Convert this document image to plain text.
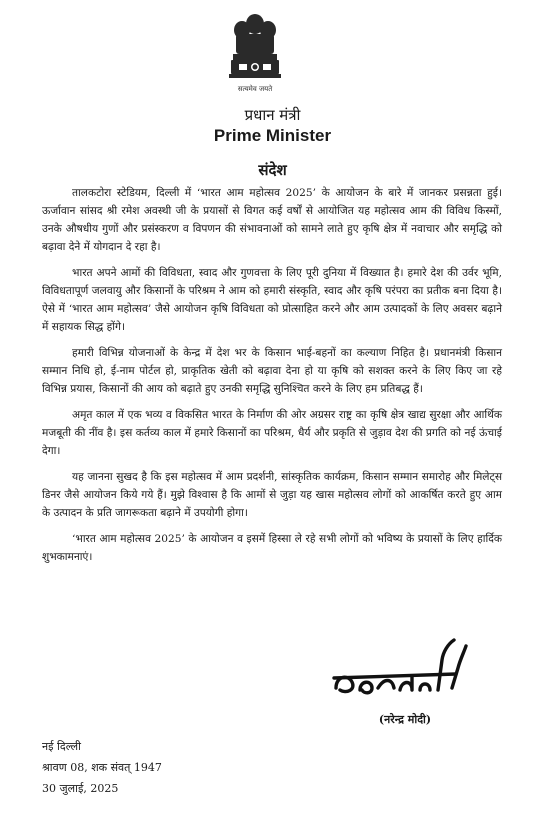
सत्यमेव जयते
प्रधान मंत्री
Prime Minister
संदेश

तालकटोरा स्टेडियम, दिल्ली में ‘भारत आम महोत्सव 2025’ के आयोजन के बारे में जानकर प्रसन्नता हुई। ऊर्जावान सांसद श्री रमेश अवस्थी जी के प्रयासों से विगत कई वर्षों से आयोजित यह महोत्सव आम की विविध किस्मों, उनके औषधीय गुणों और प्रसंस्करण व विपणन की संभावनाओं को सामने लाते हुए कृषि क्षेत्र में नवाचार और समृद्धि को बढ़ावा देने में योगदान दे रहा है।

भारत अपने आमों की विविधता, स्वाद और गुणवत्ता के लिए पूरी दुनिया में विख्यात है। हमारे देश की उर्वर भूमि, विविधतापूर्ण जलवायु और किसानों के परिश्रम ने आम को हमारी संस्कृति, स्वाद और कृषि परंपरा का प्रतीक बना दिया है। ऐसे में ‘भारत आम महोत्सव’ जैसे आयोजन कृषि विविधता को प्रोत्साहित करने और आम उत्पादकों के लिए अवसर बढ़ाने में सहायक सिद्ध होंगे।

हमारी विभिन्न योजनाओं के केन्द्र में देश भर के किसान भाई-बहनों का कल्याण निहित है। प्रधानमंत्री किसान सम्मान निधि हो, ई-नाम पोर्टल हो, प्राकृतिक खेती को बढ़ावा देना हो या कृषि को सशक्त करने के लिए किए जा रहे विभिन्न प्रयास, किसानों की आय को बढ़ाते हुए उनकी समृद्धि सुनिश्चित करने के लिए हम प्रतिबद्ध हैं।

अमृत काल में एक भव्य व विकसित भारत के निर्माण की ओर अग्रसर राष्ट्र का कृषि क्षेत्र खाद्य सुरक्षा और आर्थिक मजबूती की नींव है। इस कर्तव्य काल में हमारे किसानों का परिश्रम, धैर्य और प्रकृति से जुड़ाव देश की प्रगति को नई ऊंचाई देगा।

यह जानना सुखद है कि इस महोत्सव में आम प्रदर्शनी, सांस्कृतिक कार्यक्रम, किसान सम्मान समारोह और मिलेट्स डिनर जैसे आयोजन किये गये हैं। मुझे विश्वास है कि आमों से जुड़ा यह खास महोत्सव लोगों को आकर्षित करते हुए आम के उत्पादन के प्रति जागरूकता बढ़ाने में उपयोगी होगा।

‘भारत आम महोत्सव 2025’ के आयोजन व इसमें हिस्सा ले रहे सभी लोगों को भविष्य के प्रयासों के लिए हार्दिक शुभकामनाएं।

(नरेन्द्र मोदी)
नई दिल्ली
श्रावण 08, शक संवत् 1947
30 जुलाई, 2025
